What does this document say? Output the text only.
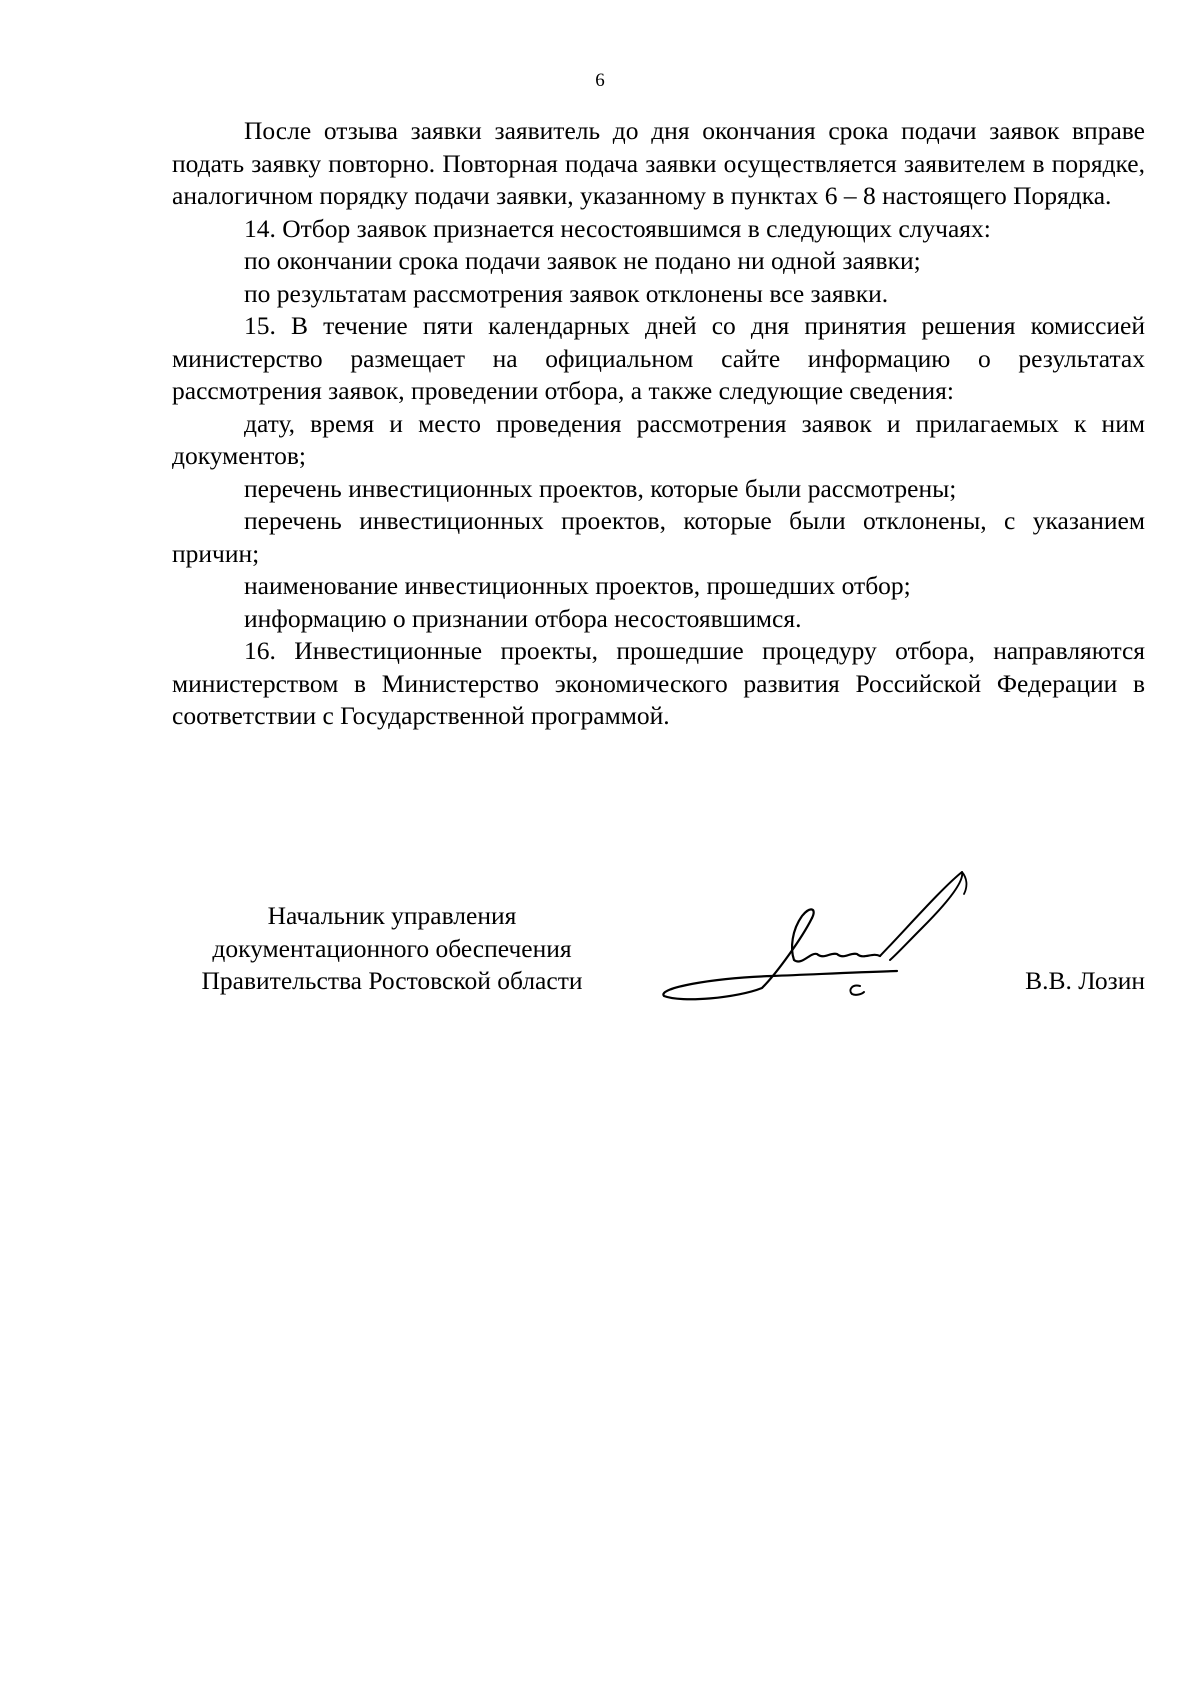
6

После отзыва заявки заявитель до дня окончания срока подачи заявок вправе подать заявку повторно. Повторная подача заявки осуществляется заявителем в порядке, аналогичном порядку подачи заявки, указанному в пунктах 6 – 8 настоящего Порядка.

14. Отбор заявок признается несостоявшимся в следующих случаях:

по окончании срока подачи заявок не подано ни одной заявки;

по результатам рассмотрения заявок отклонены все заявки.

15. В течение пяти календарных дней со дня принятия решения комиссией министерство размещает на официальном сайте информацию о результатах рассмотрения заявок, проведении отбора, а также следующие сведения:

дату, время и место проведения рассмотрения заявок и прилагаемых к ним документов;

перечень инвестиционных проектов, которые были рассмотрены;

перечень инвестиционных проектов, которые были отклонены, с указанием причин;

наименование инвестиционных проектов, прошедших отбор;

информацию о признании отбора несостоявшимся.

16. Инвестиционные проекты, прошедшие процедуру отбора, направляются министерством в Министерство экономического развития Российской Федерации в соответствии с Государственной программой.

Начальник управления
документационного обеспечения
Правительства Ростовской области	В.В. Лозин
